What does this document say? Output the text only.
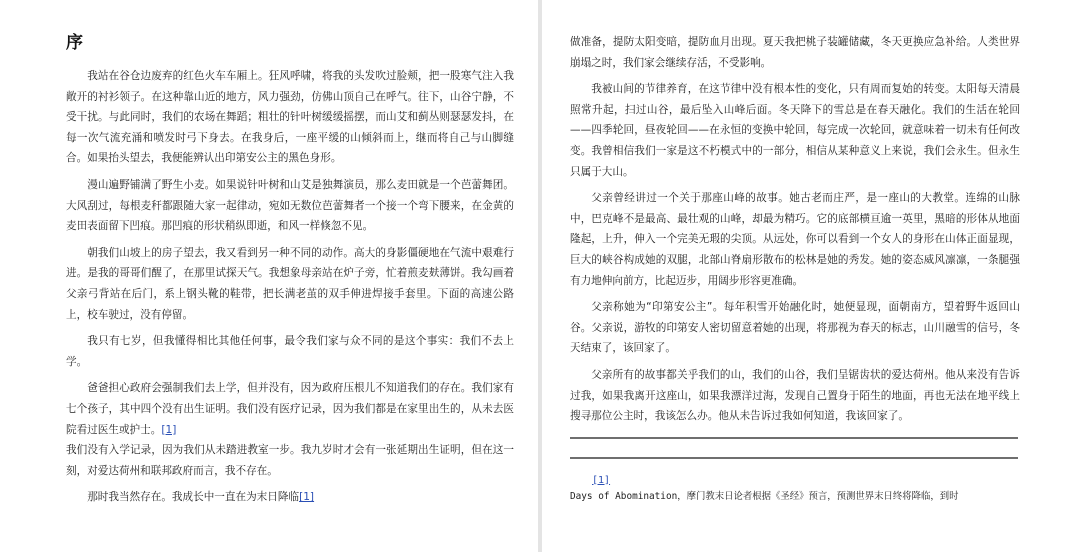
序

我站在谷仓边废弃的红色火车车厢上。狂风呼啸，将我的头发吹过脸颊，把一股寒气注入我敞开的衬衫领子。在这种靠山近的地方，风力强劲，仿佛山顶自己在呼气。往下，山谷宁静，不受干扰。与此同时，我们的农场在舞蹈；粗壮的针叶树缓缓摇摆，而山艾和蓟丛则瑟瑟发抖，在每一次气流充涌和喷发时弓下身去。在我身后，一座平缓的山倾斜而上，继而将自己与山脚缝合。如果抬头望去，我便能辨认出印第安公主的黑色身形。

漫山遍野铺满了野生小麦。如果说针叶树和山艾是独舞演员，那么麦田就是一个芭蕾舞团。大风刮过，每根麦秆都跟随大家一起律动，宛如无数位芭蕾舞者一个接一个弯下腰来，在金黄的麦田表面留下凹痕。那凹痕的形状稍纵即逝，和风一样倏忽不见。

朝我们山坡上的房子望去，我又看到另一种不同的动作。高大的身影僵硬地在气流中艰难行进。是我的哥哥们醒了，在那里试探天气。我想象母亲站在炉子旁，忙着煎麦麸薄饼。我勾画着父亲弓背站在后门，系上钢头靴的鞋带，把长满老茧的双手伸进焊接手套里。下面的高速公路上，校车驶过，没有停留。

我只有七岁，但我懂得相比其他任何事，最令我们家与众不同的是这个事实：我们不去上学。

爸爸担心政府会强制我们去上学，但并没有，因为政府压根儿不知道我们的存在。我们家有七个孩子，其中四个没有出生证明。我们没有医疗记录，因为我们都是在家里出生的，从未去医院看过医生或护士。[1]

我们没有入学记录，因为我们从未踏进教室一步。我九岁时才会有一张延期出生证明，但在这一刻，对爱达荷州和联邦政府而言，我不存在。

那时我当然存在。我成长中一直在为末日降临[1]

做准备，提防太阳变暗，提防血月出现。夏天我把桃子装罐储藏，冬天更换应急补给。人类世界崩塌之时，我们家会继续存活，不受影响。

我被山间的节律养育，在这节律中没有根本性的变化，只有周而复始的转变。太阳每天清晨照常升起，扫过山谷，最后坠入山峰后面。冬天降下的雪总是在春天融化。我们的生活在轮回——四季轮回，昼夜轮回——在永恒的变换中轮回，每完成一次轮回，就意味着一切未有任何改变。我曾相信我们一家是这不朽模式中的一部分，相信从某种意义上来说，我们会永生。但永生只属于大山。

父亲曾经讲过一个关于那座山峰的故事。她古老而庄严，是一座山的大教堂。连绵的山脉中，巴克峰不是最高、最壮观的山峰，却最为精巧。它的底部横亘逾一英里，黑暗的形体从地面隆起，上升，伸入一个完美无瑕的尖顶。从远处，你可以看到一个女人的身形在山体正面显现，巨大的峡谷构成她的双腿，北部山脊扇形散布的松林是她的秀发。她的姿态威风凛凛，一条腿强有力地伸向前方，比起迈步，用阔步形容更准确。

父亲称她为“印第安公主”。每年积雪开始融化时，她便显现，面朝南方，望着野牛返回山谷。父亲说，游牧的印第安人密切留意着她的出现，将那视为春天的标志，山川融雪的信号，冬天结束了，该回家了。

父亲所有的故事都关乎我们的山，我们的山谷，我们呈锯齿状的爱达荷州。他从来没有告诉过我，如果我离开这座山，如果我漂洋过海，发现自己置身于陌生的地面，再也无法在地平线上搜寻那位公主时，我该怎么办。他从未告诉过我如何知道，我该回家了。

[1]
Days of Abomination，摩门教末日论者根据《圣经》预言，预测世界末日终将降临，到时
